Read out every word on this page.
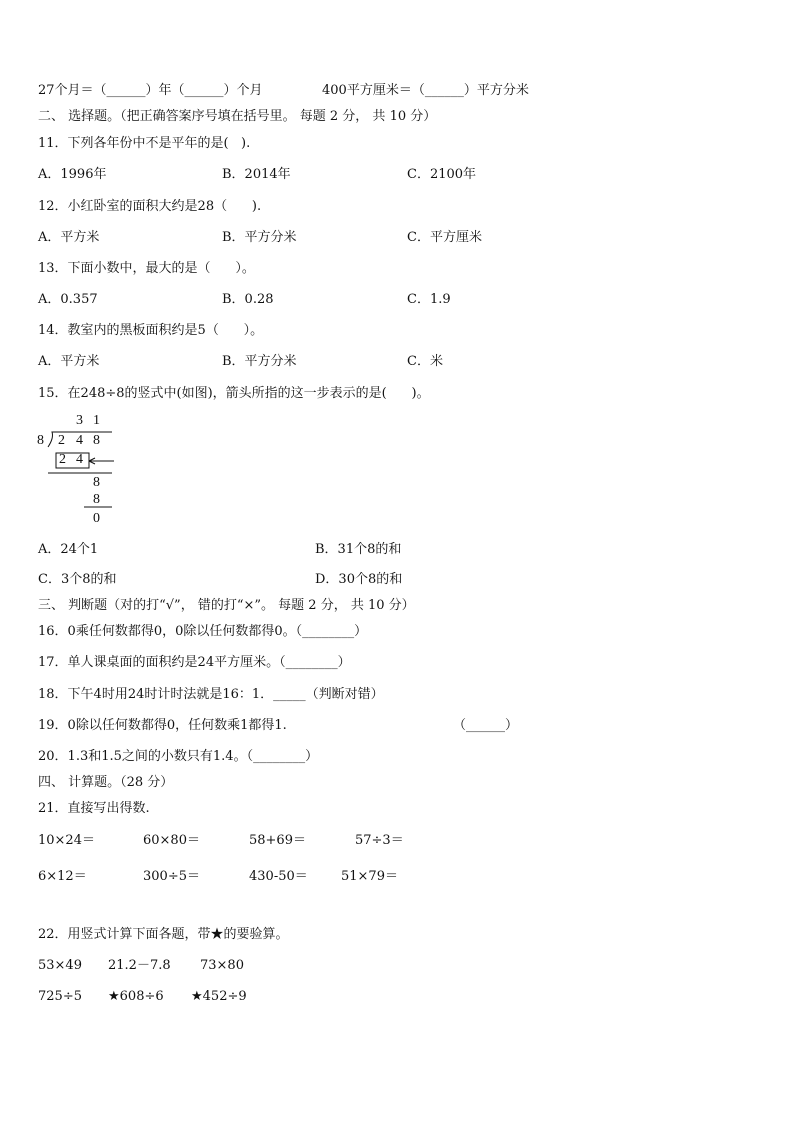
27个月＝（______）年（______）个月	400平方厘米＝（______）平方分米
二、 选择题。（把正确答案序号填在括号里。 每题 2 分， 共 10 分）
11．下列各年份中不是平年的是(   ).
A．1996年	B．2014年	C．2100年
12．小红卧室的面积大约是28（      ).
A．平方米	B．平方分米	C．平方厘米
13．下面小数中，最大的是（      ）。
A．0.357	B．0.28	C．1.9
14．教室内的黑板面积约是5（      ）。
A．平方米	B．平方分米	C．米
15．在248÷8的竖式中(如图)，箭头所指的这一步表示的是(      )。
3 1
8 2 4 8
2 4
8
8
0
A．24个1	B．31个8的和
C．3个8的和	D．30个8的和
三、 判断题（对的打“√”， 错的打“×”。 每题 2 分， 共 10 分）
16．0乘任何数都得0，0除以任何数都得0。（________）
17．单人课桌面的面积约是24平方厘米。（________）
18．下午4时用24时计时法就是16：1．_____（判断对错）
19．0除以任何数都得0，任何数乘1都得1.	（______）
20．1.3和1.5之间的小数只有1.4。（________）
四、 计算题。（28 分）
21．直接写出得数.
10×24＝	60×80＝	58+69＝	57÷3＝
6×12＝	300÷5＝	430-50＝	51×79＝
22．用竖式计算下面各题，带★的要验算。
53×49 21.2－7.8 73×80
725÷5 ★608÷6 ★452÷9
